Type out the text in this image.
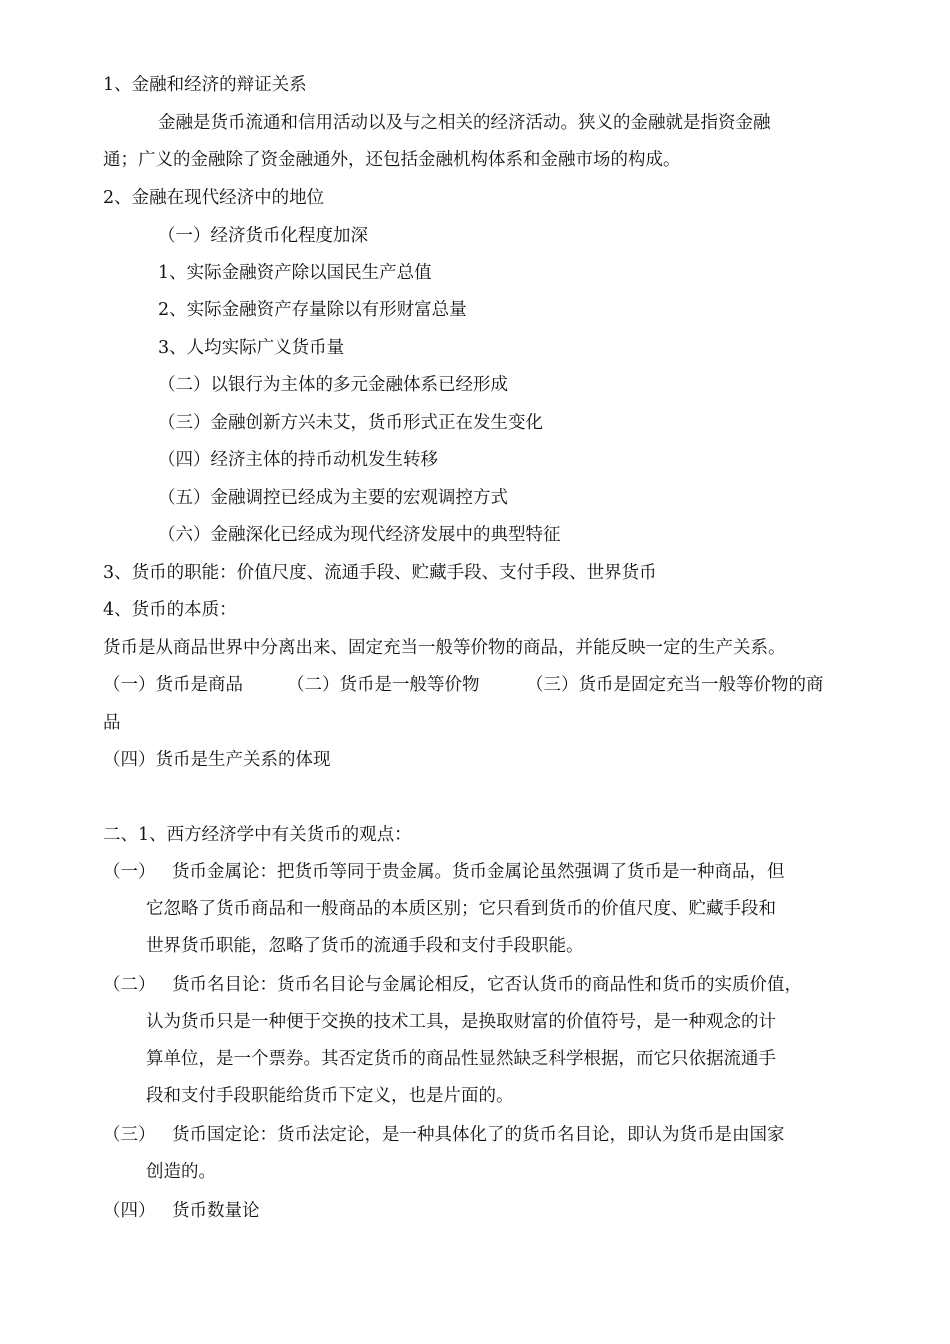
1、金融和经济的辩证关系
金融是货币流通和信用活动以及与之相关的经济活动。狭义的金融就是指资金融
通；广义的金融除了资金融通外，还包括金融机构体系和金融市场的构成。
2、金融在现代经济中的地位
（一）经济货币化程度加深
1、实际金融资产除以国民生产总值
2、实际金融资产存量除以有形财富总量
3、人均实际广义货币量
（二）以银行为主体的多元金融体系已经形成
（三）金融创新方兴未艾，货币形式正在发生变化
（四）经济主体的持币动机发生转移
（五）金融调控已经成为主要的宏观调控方式
（六）金融深化已经成为现代经济发展中的典型特征
3、货币的职能：价值尺度、流通手段、贮藏手段、支付手段、世界货币
4、货币的本质：
货币是从商品世界中分离出来、固定充当一般等价物的商品，并能反映一定的生产关系。
（一）货币是商品	（二）货币是一般等价物	（三）货币是固定充当一般等价物的商
品
（四）货币是生产关系的体现
二、1、西方经济学中有关货币的观点：
（一） 货币金属论：把货币等同于贵金属。货币金属论虽然强调了货币是一种商品，但
它忽略了货币商品和一般商品的本质区别；它只看到货币的价值尺度、贮藏手段和
世界货币职能，忽略了货币的流通手段和支付手段职能。
（二） 货币名目论：货币名目论与金属论相反，它否认货币的商品性和货币的实质价值，
认为货币只是一种便于交换的技术工具，是换取财富的价值符号，是一种观念的计
算单位，是一个票券。其否定货币的商品性显然缺乏科学根据，而它只依据流通手
段和支付手段职能给货币下定义，也是片面的。
（三） 货币国定论：货币法定论，是一种具体化了的货币名目论，即认为货币是由国家
创造的。
（四） 货币数量论
